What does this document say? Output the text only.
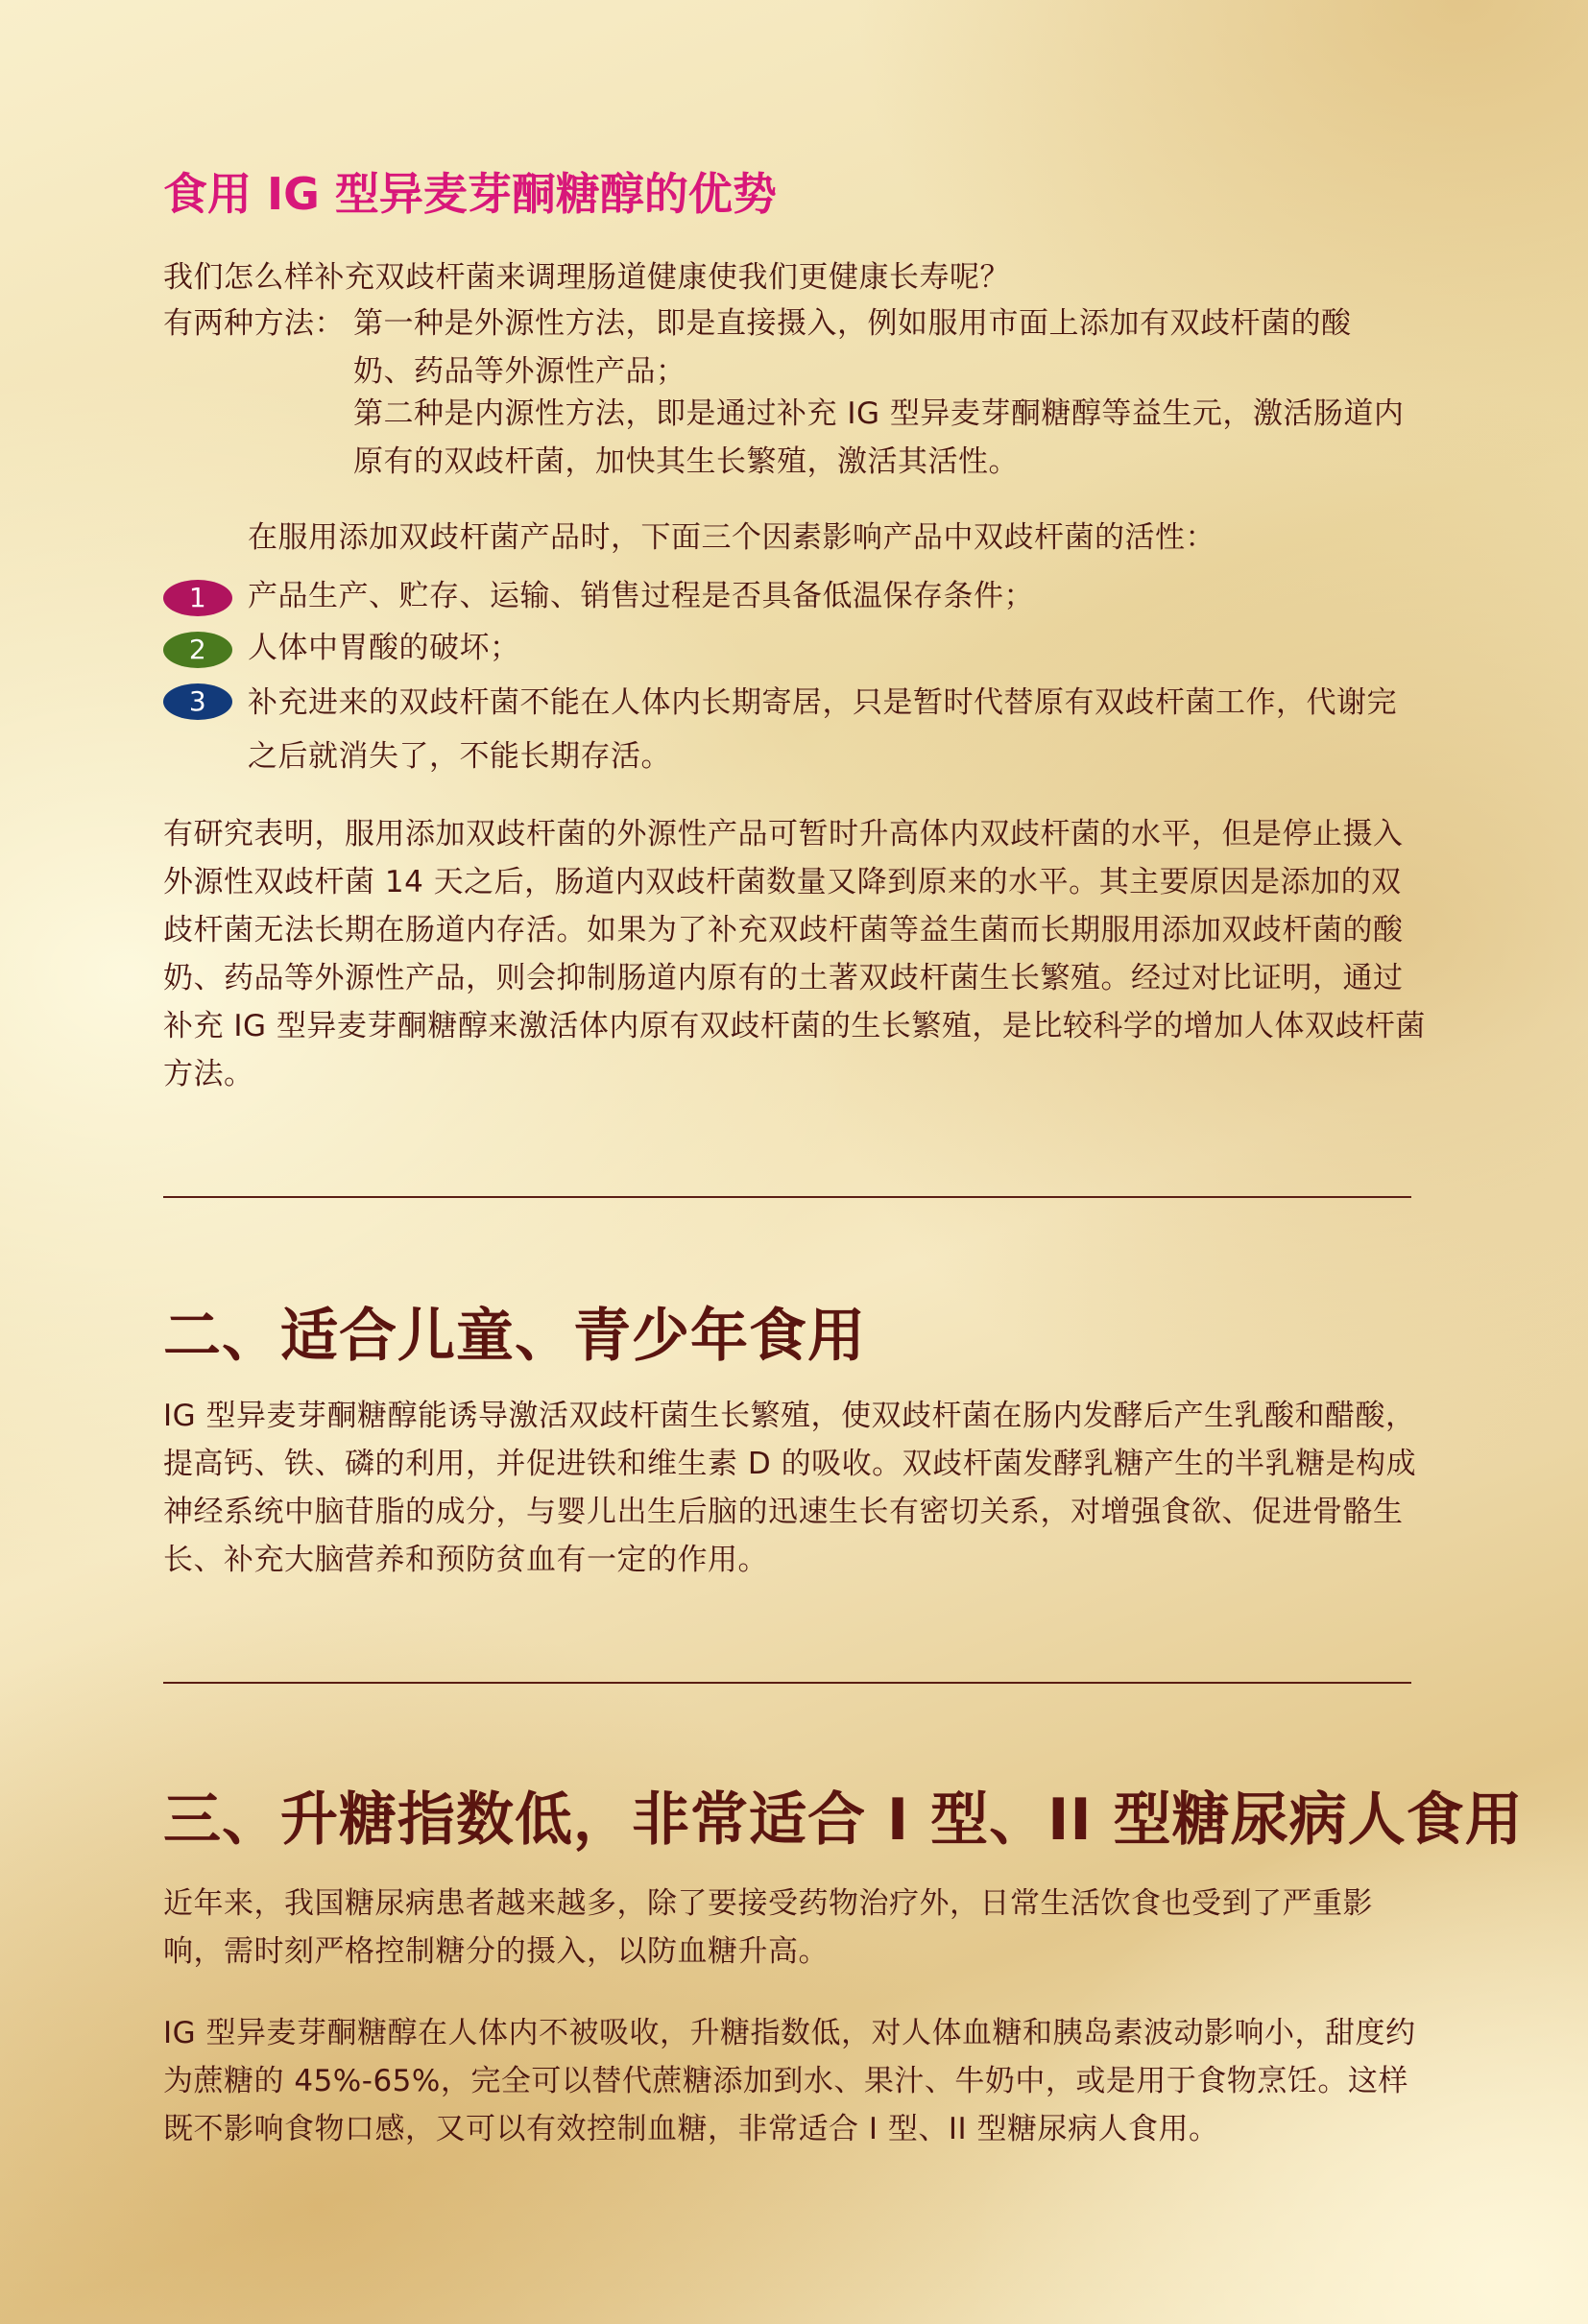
食用 IG 型异麦芽酮糖醇的优势

我们怎么样补充双歧杆菌来调理肠道健康使我们更健康长寿呢？

有两种方法： 第一种是外源性方法，即是直接摄入，例如服用市面上添加有双歧杆菌的酸
奶、药品等外源性产品；

第二种是内源性方法，即是通过补充 IG 型异麦芽酮糖醇等益生元，激活肠道内原有的双歧杆菌，加快其生长繁殖，激活其活性。

在服用添加双歧杆菌产品时，下面三个因素影响产品中双歧杆菌的活性：

1	产品生产、贮存、运输、销售过程是否具备低温保存条件；
2	人体中胃酸的破坏；
3	补充进来的双歧杆菌不能在人体内长期寄居，只是暂时代替原有双歧杆菌工作，代谢完之后就消失了，不能长期存活。

有研究表明，服用添加双歧杆菌的外源性产品可暂时升高体内双歧杆菌的水平，但是停止摄入外源性双歧杆菌 14 天之后，肠道内双歧杆菌数量又降到原来的水平。其主要原因是添加的双歧杆菌无法长期在肠道内存活。如果为了补充双歧杆菌等益生菌而长期服用添加双歧杆菌的酸奶、药品等外源性产品，则会抑制肠道内原有的土著双歧杆菌生长繁殖。经过对比证明，通过补充 IG 型异麦芽酮糖醇来激活体内原有双歧杆菌的生长繁殖，是比较科学的增加人体双歧杆菌方法。

二、适合儿童、青少年食用

IG 型异麦芽酮糖醇能诱导激活双歧杆菌生长繁殖，使双歧杆菌在肠内发酵后产生乳酸和醋酸，提高钙、铁、磷的利用，并促进铁和维生素 D 的吸收。双歧杆菌发酵乳糖产生的半乳糖是构成神经系统中脑苷脂的成分，与婴儿出生后脑的迅速生长有密切关系，对增强食欲、促进骨骼生长、补充大脑营养和预防贫血有一定的作用。

三、升糖指数低，非常适合 I 型、II 型糖尿病人食用

近年来，我国糖尿病患者越来越多，除了要接受药物治疗外，日常生活饮食也受到了严重影响，需时刻严格控制糖分的摄入，以防血糖升高。

IG 型异麦芽酮糖醇在人体内不被吸收，升糖指数低，对人体血糖和胰岛素波动影响小，甜度约为蔗糖的 45%-65%，完全可以替代蔗糖添加到水、果汁、牛奶中，或是用于食物烹饪。这样既不影响食物口感，又可以有效控制血糖，非常适合 I 型、II 型糖尿病人食用。
